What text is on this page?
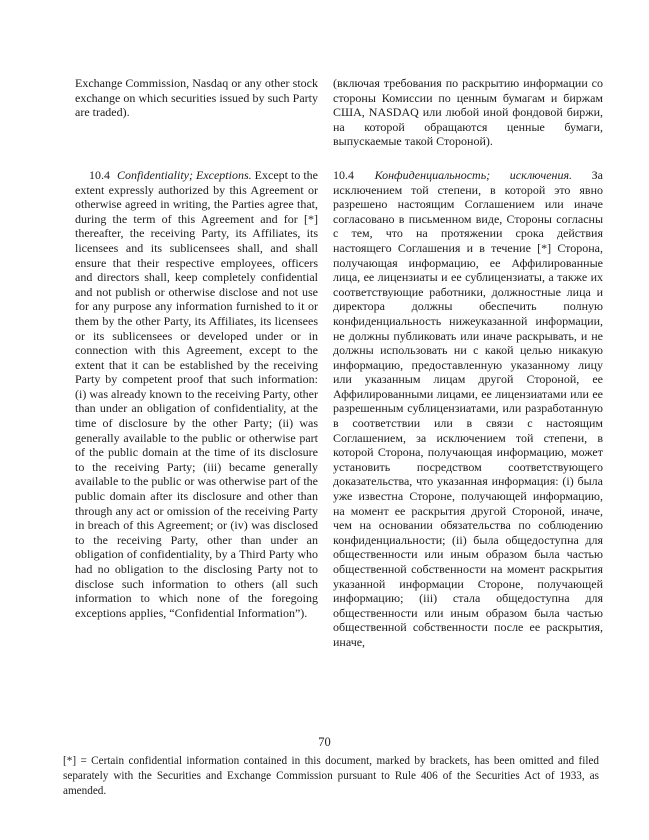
Exchange Commission, Nasdaq or any other stock exchange on which securities issued by such Party are traded).

(включая требования по раскрытию информации со стороны Комиссии по ценным бумагам и биржам США, NASDAQ или любой иной фондовой биржи, на которой обращаются ценные бумаги, выпускаемые такой Стороной).

10.4 Confidentiality; Exceptions. Except to the extent expressly authorized by this Agreement or otherwise agreed in writing, the Parties agree that, during the term of this Agreement and for [*] thereafter, the receiving Party, its Affiliates, its licensees and its sublicensees shall, and shall ensure that their respective employees, officers and directors shall, keep completely confidential and not publish or otherwise disclose and not use for any purpose any information furnished to it or them by the other Party, its Affiliates, its licensees or its sublicensees or developed under or in connection with this Agreement, except to the extent that it can be established by the receiving Party by competent proof that such information: (i) was already known to the receiving Party, other than under an obligation of confidentiality, at the time of disclosure by the other Party; (ii) was generally available to the public or otherwise part of the public domain at the time of its disclosure to the receiving Party; (iii) became generally available to the public or was otherwise part of the public domain after its disclosure and other than through any act or omission of the receiving Party in breach of this Agreement; or (iv) was disclosed to the receiving Party, other than under an obligation of confidentiality, by a Third Party who had no obligation to the disclosing Party not to disclose such information to others (all such information to which none of the foregoing exceptions applies, “Confidential Information”).

10.4 Конфиденциальность; исключения. За исключением той степени, в которой это явно разрешено настоящим Соглашением или иначе согласовано в письменном виде, Стороны согласны с тем, что на протяжении срока действия настоящего Соглашения и в течение [*] Сторона, получающая информацию, ее Аффилированные лица, ее лицензиаты и ее сублицензиаты, а также их соответствующие работники, должностные лица и директора должны обеспечить полную конфиденциальность нижеуказанной информации, не должны публиковать или иначе раскрывать, и не должны использовать ни с какой целью никакую информацию, предоставленную указанному лицу или указанным лицам другой Стороной, ее Аффилированными лицами, ее лицензиатами или ее разрешенным сублицензиатами, или разработанную в соответствии или в связи с настоящим Соглашением, за исключением той степени, в которой Сторона, получающая информацию, может установить посредством соответствующего доказательства, что указанная информация: (i) была уже известна Стороне, получающей информацию, на момент ее раскрытия другой Стороной, иначе, чем на основании обязательства по соблюдению конфиденциальности; (ii) была общедоступна для общественности или иным образом была частью общественной собственности на момент раскрытия указанной информации Стороне, получающей информацию; (iii) стала общедоступна для общественности или иным образом была частью общественной собственности после ее раскрытия, иначе,

70
[*] = Certain confidential information contained in this document, marked by brackets, has been omitted and filed separately with the Securities and Exchange Commission pursuant to Rule 406 of the Securities Act of 1933, as amended.
